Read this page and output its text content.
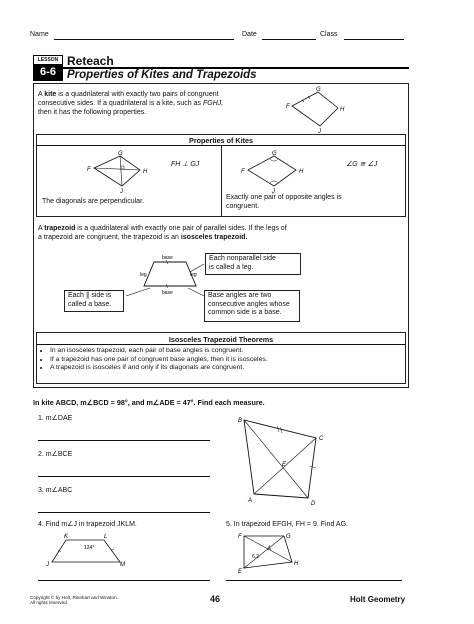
Name	Date	Class
LESSON
6-6
Reteach
Properties of Kites and Trapezoids
A kite is a quadrilateral with exactly two pairs of congruent
consecutive sides. If a quadrilateral is a kite, such as FGHJ,
then it has the following properties.
F
G
H
J
Properties of Kites
F
G
H
J
FH ⊥ GJ
The diagonals are perpendicular.
F
G
H
J
∠G ≅ ∠J
Exactly one pair of opposite angles is
congruent.
A trapezoid is a quadrilateral with exactly one pair of parallel sides. If the legs of
a trapezoid are congruent, the trapezoid is an isosceles trapezoid.
base
base
leg	leg
Each nonparallel side
is called a leg.
Each ∥ side is
called a base.
Base angles are two
consecutive angles whose
common side is a base.
Isosceles Trapezoid Theorems
• In an isosceles trapezoid, each pair of base angles is congruent.
• If a trapezoid has one pair of congruent base angles, then it is isosceles.
• A trapezoid is isosceles if and only if its diagonals are congruent.
In kite ABCD, m∠BCD = 98°, and m∠ADE = 47°. Find each measure.
1. m∠DAE
2. m∠BCE
3. m∠ABC
B
C
D
A
E
4. Find m∠J in trapezoid JKLM.
K	L
J	M
124°
5. In trapezoid EFGH, FH = 9. Find AG.
F	G
A
H
E
6.2
Copyright © by Holt, Rinehart and Winston.
All rights reserved.	46	Holt Geometry
